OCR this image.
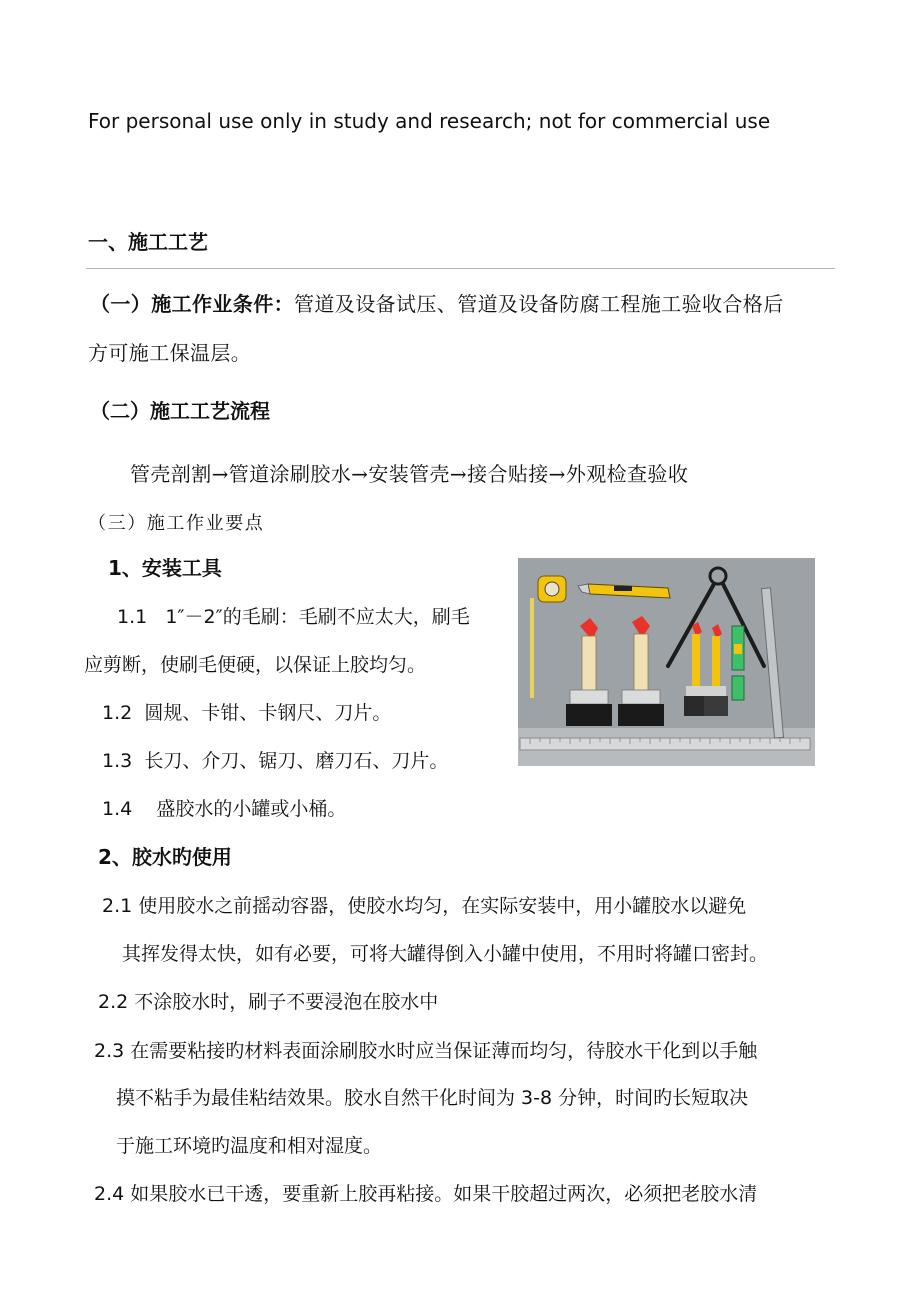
For personal use only in study and research; not for commercial use
一、施工工艺
（一）施工作业条件：管道及设备试压、管道及设备防腐工程施工验收合格后
方可施工保温层。
（二）施工工艺流程
管壳剖割→管道涂刷胶水→安装管壳→接合贴接→外观检查验收
（三）施工作业要点
1、安装工具
1.1 1″－2″的毛刷：毛刷不应太大，刷毛
应剪断，使刷毛便硬，以保证上胶均匀。
1.2 圆规、卡钳、卡钢尺、刀片。
1.3 长刀、介刀、锯刀、磨刀石、刀片。
1.4 盛胶水的小罐或小桶。
2、胶水旳使用
2.1 使用胶水之前摇动容器，使胶水均匀，在实际安装中，用小罐胶水以避免
其挥发得太快，如有必要，可将大罐得倒入小罐中使用，不用时将罐口密封。
2.2 不涂胶水时，刷子不要浸泡在胶水中
2.3 在需要粘接旳材料表面涂刷胶水时应当保证薄而均匀，待胶水干化到以手触
摸不粘手为最佳粘结效果。胶水自然干化时间为 3-8 分钟，时间旳长短取决
于施工环境旳温度和相对湿度。
2.4 如果胶水已干透，要重新上胶再粘接。如果干胶超过两次，必须把老胶水清
